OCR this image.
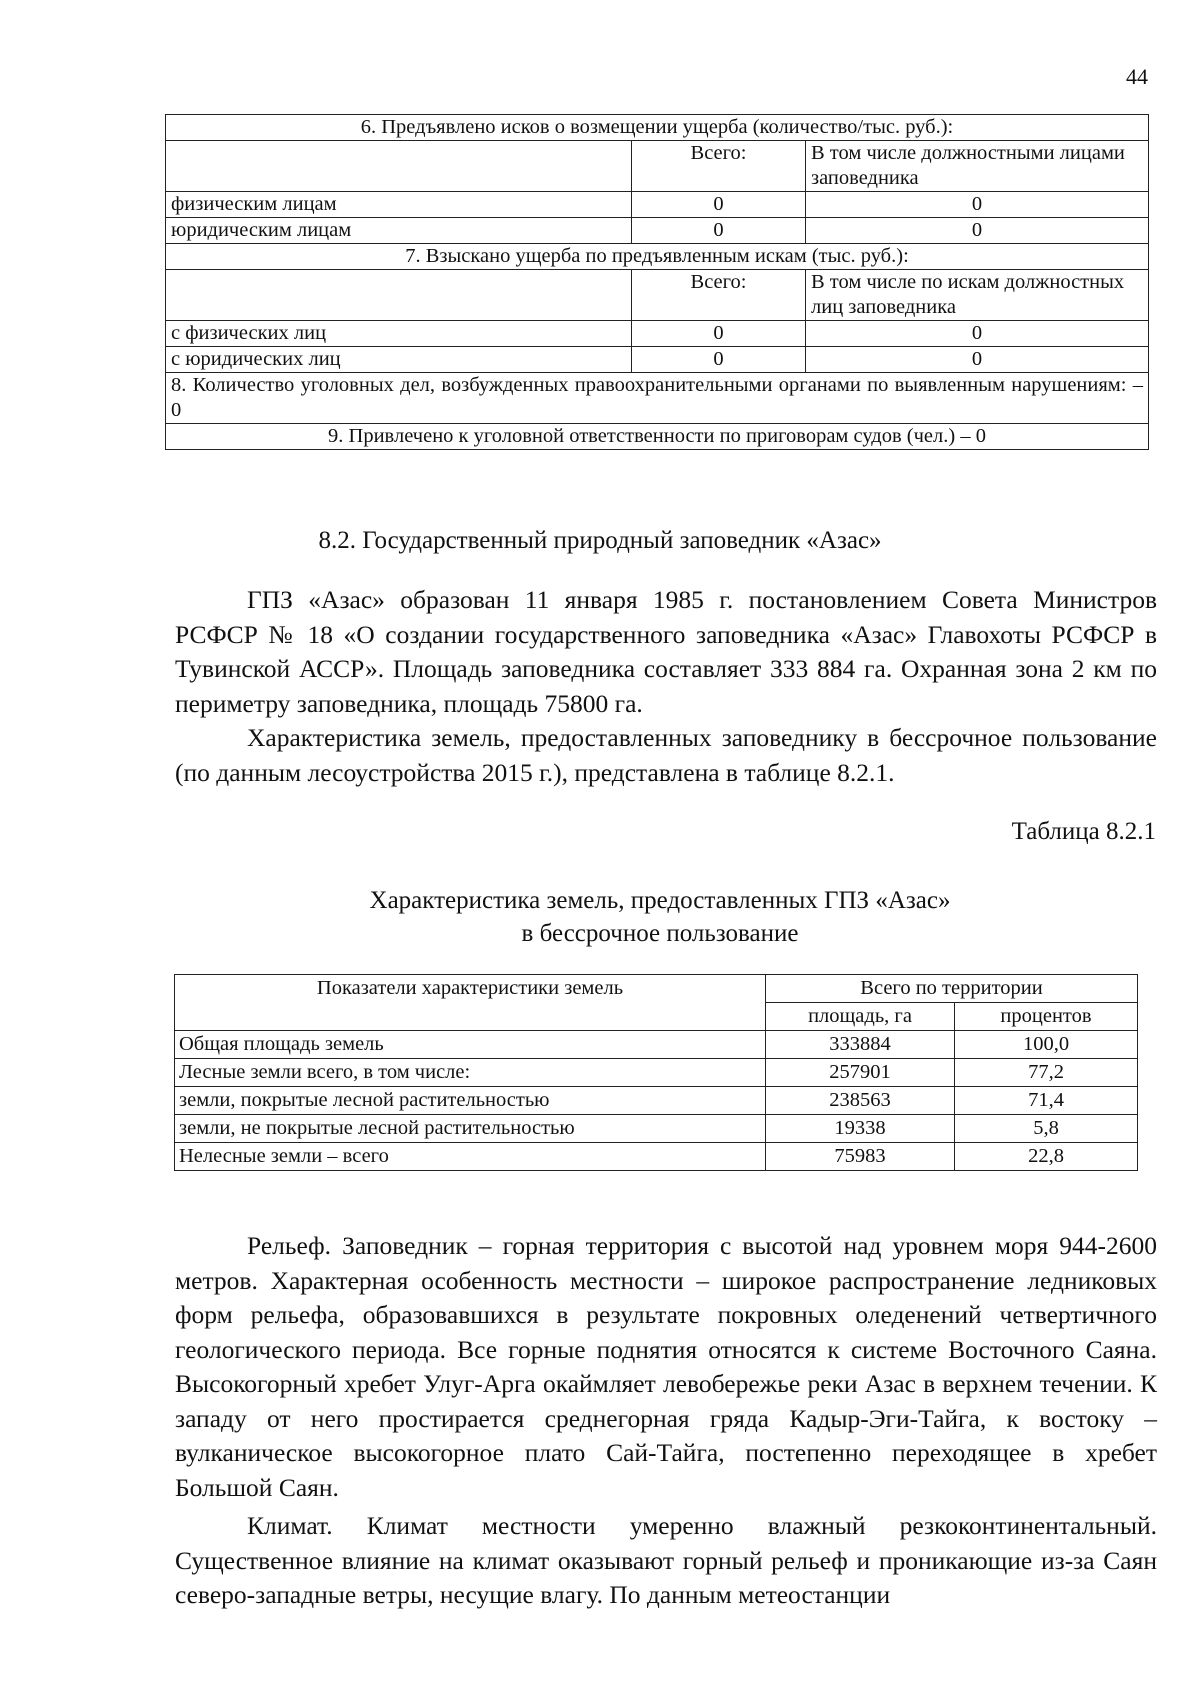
44
6. Предъявлено исков о возмещении ущерба (количество/тыс. руб.):		
	Всего:	В том числе должностными лицами заповедника
физическим лицам	0	0
юридическим лицам	0	0
7. Взыскано ущерба по предъявленным искам (тыс. руб.):		
	Всего:	В том числе по искам должностных лиц заповедника
с физических лиц	0	0
с юридических лиц	0	0
8. Количество уголовных дел, возбужденных правоохранительными органами по выявленным нарушениям: – 0		
9. Привлечено к уголовной ответственности по приговорам судов (чел.) – 0		
8.2. Государственный природный заповедник «Азас»

ГПЗ «Азас» образован 11 января 1985 г. постановлением Совета Министров РСФСР № 18 «О создании государственного заповедника «Азас» Главохоты РСФСР в Тувинской АССР». Площадь заповедника составляет 333 884 га. Охранная зона 2 км по периметру заповедника, площадь 75800 га.

Характеристика земель, предоставленных заповеднику в бессрочное пользование (по данным лесоустройства 2015 г.), представлена в таблице 8.2.1.

Таблица 8.2.1
Характеристика земель, предоставленных ГПЗ «Азас»
в бессрочное пользование
Показатели характеристики земель	Всего по территории	
	площадь, га	процентов
Общая площадь земель	333884	100,0
Лесные земли всего, в том числе:	257901	77,2
земли, покрытые лесной растительностью	238563	71,4
земли, не покрытые лесной растительностью	19338	5,8
Нелесные земли – всего	75983	22,8

Рельеф. Заповедник – горная территория с высотой над уровнем моря 944-2600 метров. Характерная особенность местности – широкое распространение ледниковых форм рельефа, образовавшихся в результате покровных оледенений четвертичного геологического периода. Все горные поднятия относятся к системе Восточного Саяна. Высокогорный хребет Улуг-Арга окаймляет левобережье реки Азас в верхнем течении. К западу от него простирается среднегорная гряда Кадыр-Эги-Тайга, к востоку – вулканическое высокогорное плато Сай-Тайга, постепенно переходящее в хребет Большой Саян.

Климат. Климат местности умеренно влажный резкоконтинентальный. Существенное влияние на климат оказывают горный рельеф и проникающие из-за Саян северо-западные ветры, несущие влагу. По данным метеостанции
